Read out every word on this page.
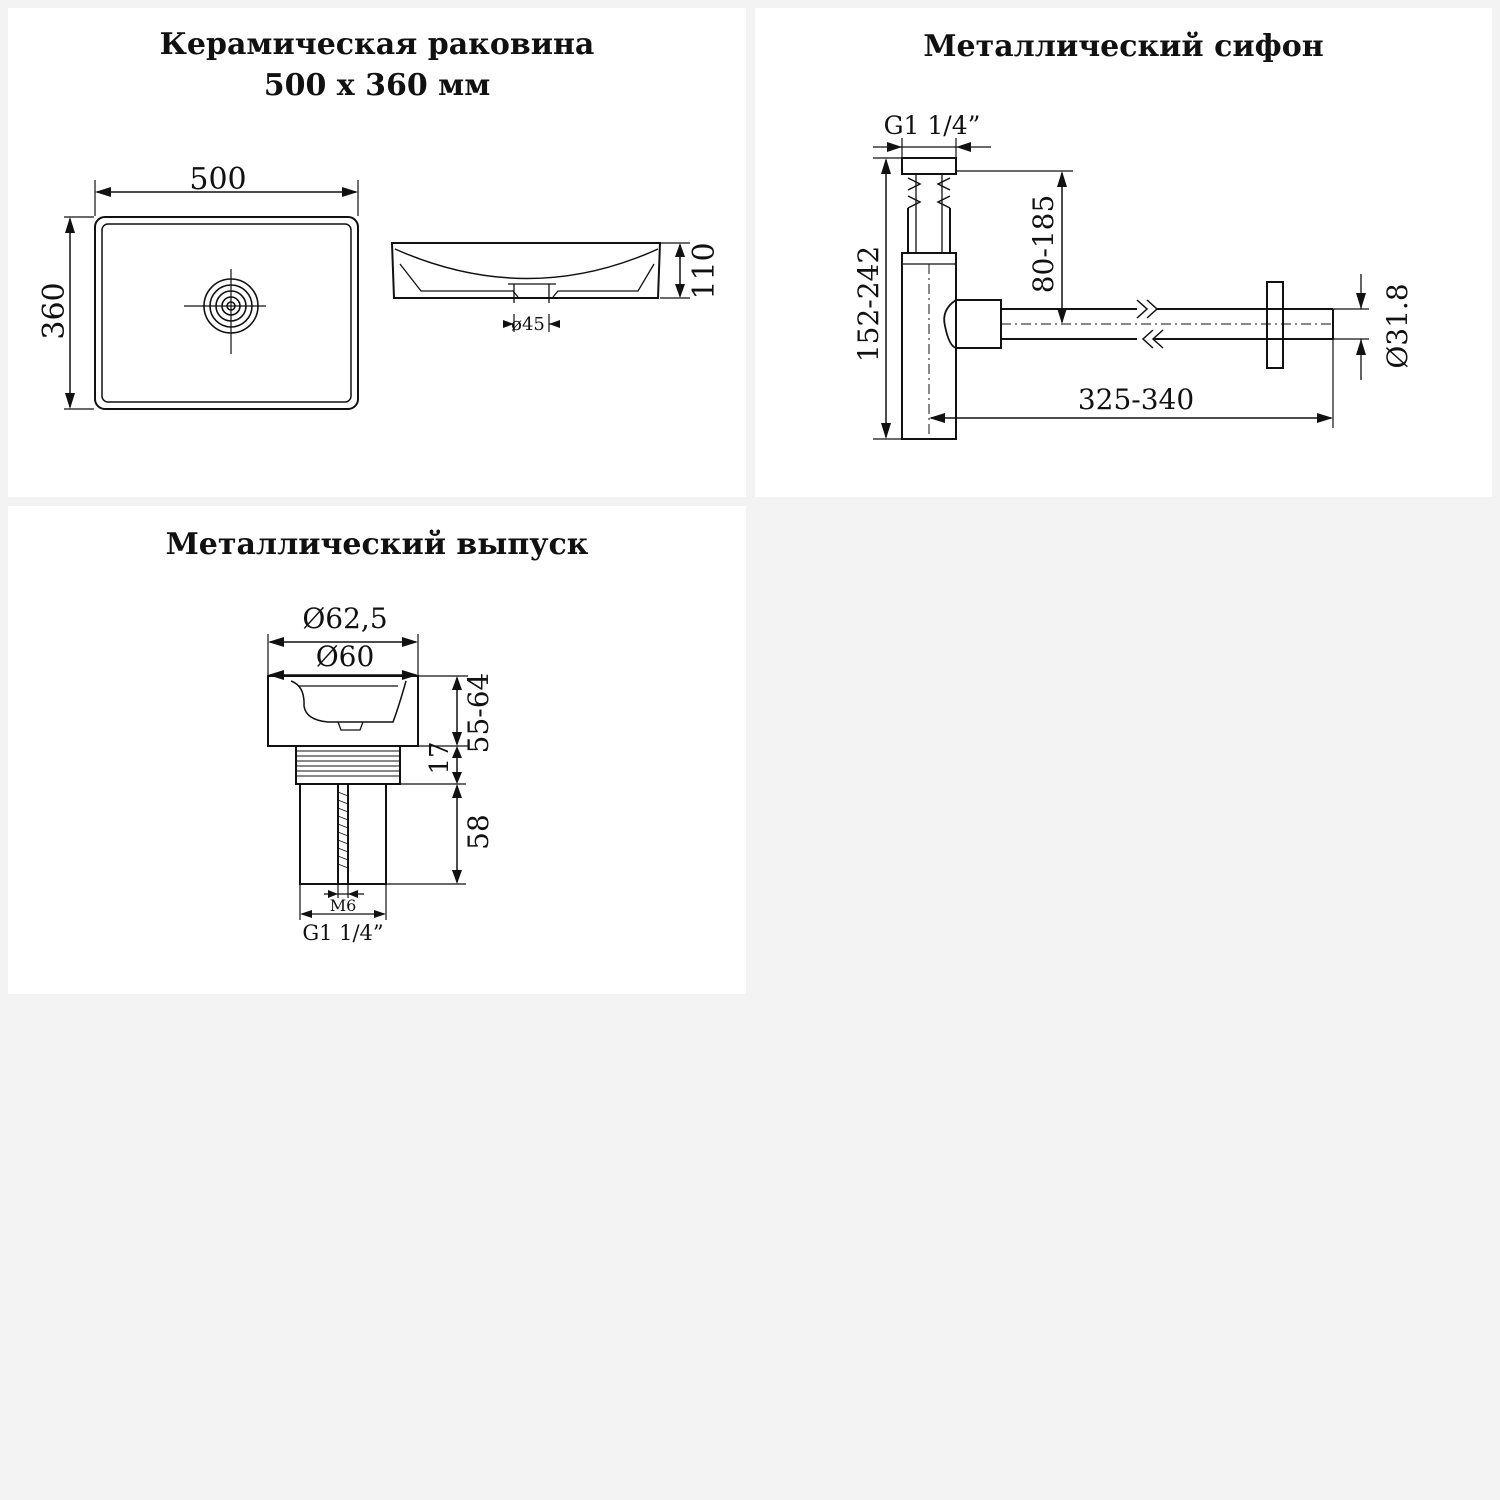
Керамическая раковина
500 х 360 мм
500
360
110
ø45
Металлический сифон
G1 1/4”
152-242
80-185
325-340
Ø31.8
Металлический выпуск
Ø62,5
Ø60
55-64
17
58
M6
G1 1/4”
